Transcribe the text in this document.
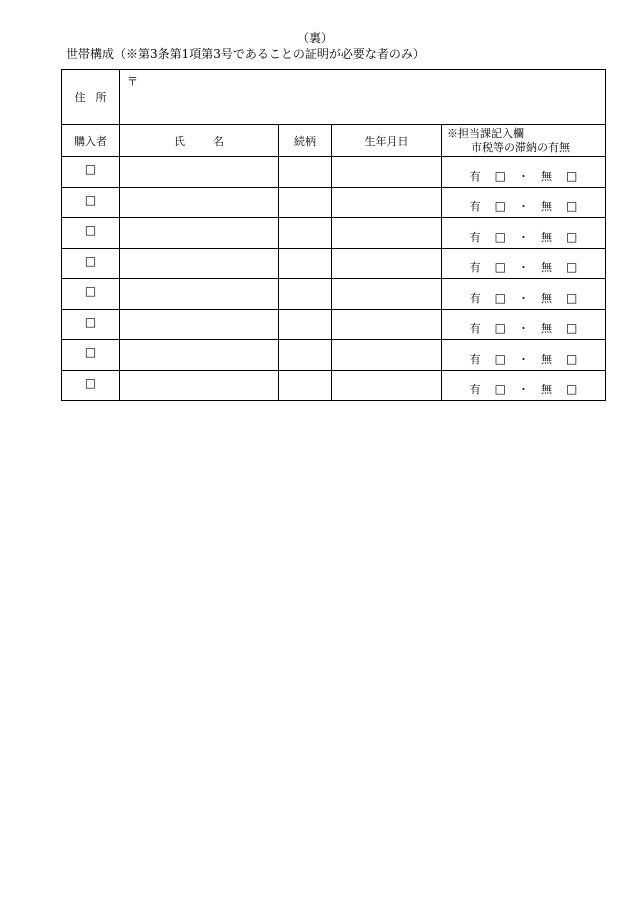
（裏）
世帯構成（※第3条第1項第3号であることの証明が必要な者のみ）
住 所	〒			
購入者	氏 名	続柄	生年月日	※担当課記入欄
市税等の滞納の有無

□				有 □ ・ 無 □
□				有 □ ・ 無 □
□				有 □ ・ 無 □
□				有 □ ・ 無 □
□				有 □ ・ 無 □
□				有 □ ・ 無 □
□				有 □ ・ 無 □
□				有 □ ・ 無 □
